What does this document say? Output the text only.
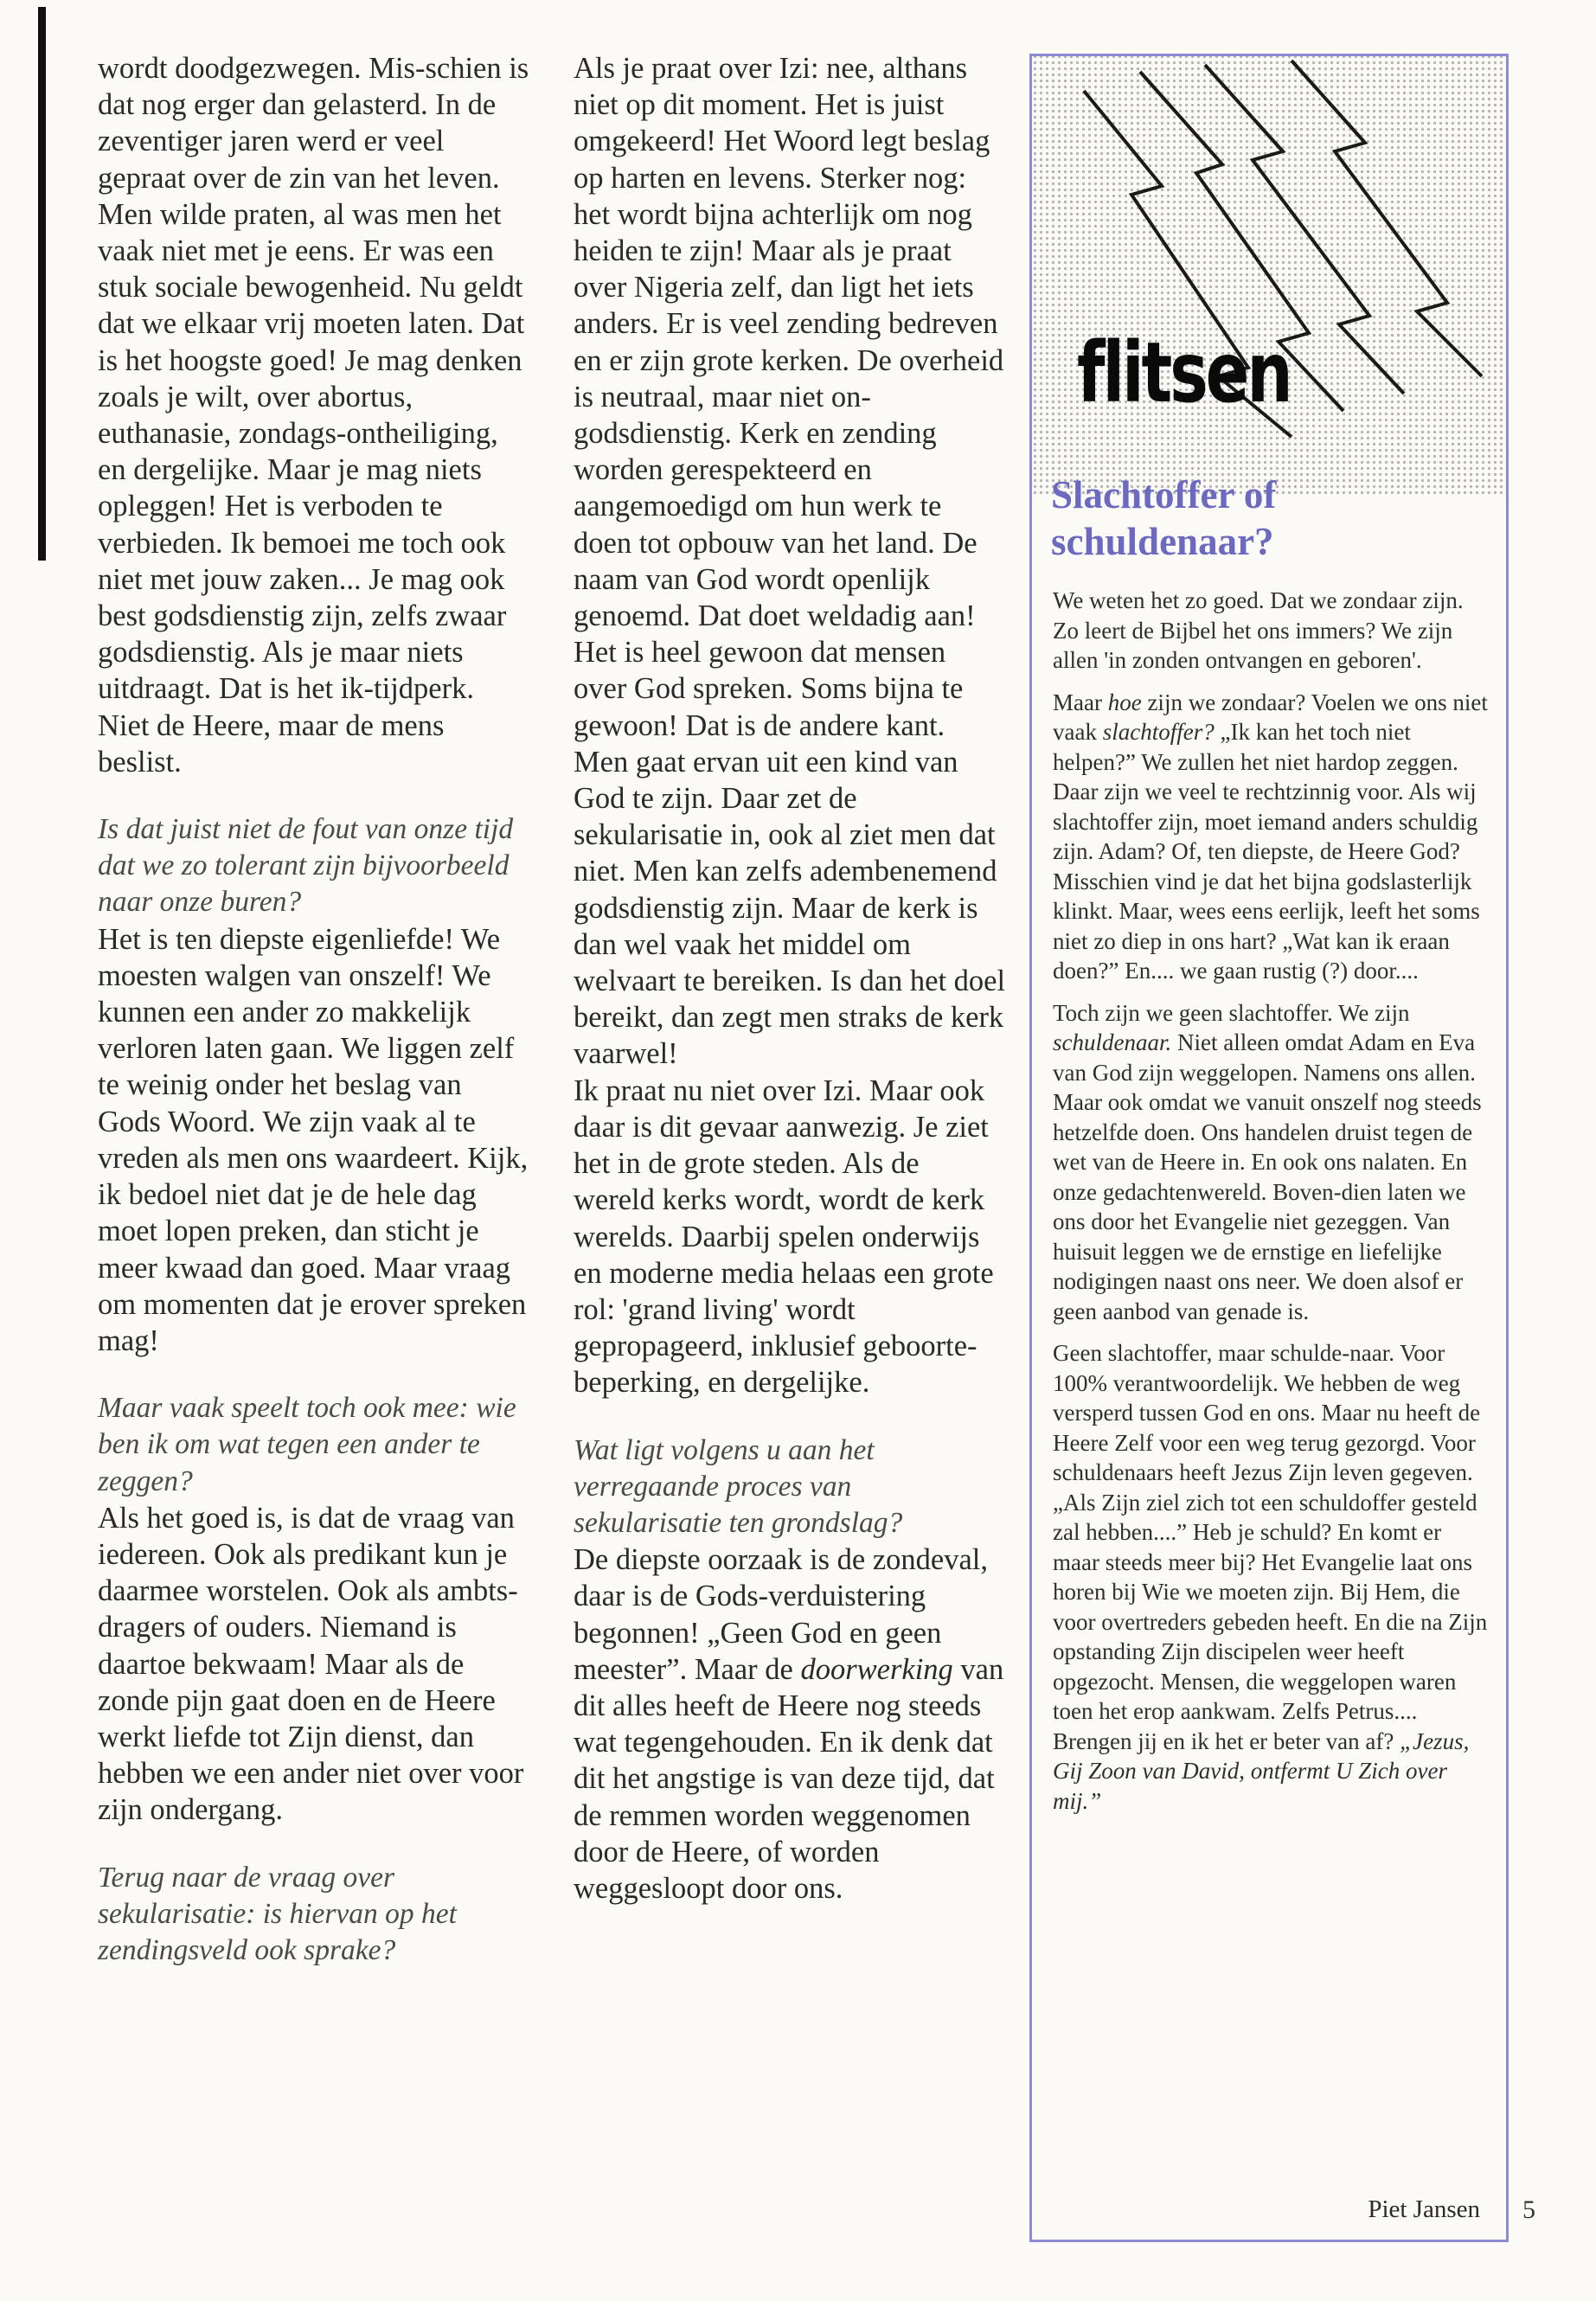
wordt doodgezwegen. Mis-schien is dat nog erger dan gelasterd. In de zeventiger jaren werd er veel gepraat over de zin van het leven. Men wilde praten, al was men het vaak niet met je eens. Er was een stuk sociale bewogenheid. Nu geldt dat we elkaar vrij moeten laten. Dat is het hoogste goed! Je mag denken zoals je wilt, over abortus, euthanasie, zondags-ontheiliging, en dergelijke. Maar je mag niets opleggen! Het is verboden te verbieden. Ik bemoei me toch ook niet met jouw zaken... Je mag ook best godsdienstig zijn, zelfs zwaar godsdienstig. Als je maar niets uitdraagt. Dat is het ik-tijdperk. Niet de Heere, maar de mens beslist.

Is dat juist niet de fout van onze tijd dat we zo tolerant zijn bijvoorbeeld naar onze buren?

Het is ten diepste eigenliefde! We moesten walgen van onszelf! We kunnen een ander zo makkelijk verloren laten gaan. We liggen zelf te weinig onder het beslag van Gods Woord. We zijn vaak al te vreden als men ons waardeert. Kijk, ik bedoel niet dat je de hele dag moet lopen preken, dan sticht je meer kwaad dan goed. Maar vraag om momenten dat je erover spreken mag!

Maar vaak speelt toch ook mee: wie ben ik om wat tegen een ander te zeggen?

Als het goed is, is dat de vraag van iedereen. Ook als predikant kun je daarmee worstelen. Ook als ambts-dragers of ouders. Niemand is daartoe bekwaam! Maar als de zonde pijn gaat doen en de Heere werkt liefde tot Zijn dienst, dan hebben we een ander niet over voor zijn ondergang.

Terug naar de vraag over sekularisatie: is hiervan op het zendingsveld ook sprake?

Als je praat over Izi: nee, althans niet op dit moment. Het is juist omgekeerd! Het Woord legt beslag op harten en levens. Sterker nog: het wordt bijna achterlijk om nog heiden te zijn! Maar als je praat over Nigeria zelf, dan ligt het iets anders. Er is veel zending bedreven en er zijn grote kerken. De overheid is neutraal, maar niet on-godsdienstig. Kerk en zending worden gerespekteerd en aangemoedigd om hun werk te doen tot opbouw van het land. De naam van God wordt openlijk genoemd. Dat doet weldadig aan! Het is heel gewoon dat mensen over God spreken. Soms bijna te gewoon! Dat is de andere kant.

Men gaat ervan uit een kind van God te zijn. Daar zet de sekularisatie in, ook al ziet men dat niet. Men kan zelfs adembenemend godsdienstig zijn. Maar de kerk is dan wel vaak het middel om welvaart te bereiken. Is dan het doel bereikt, dan zegt men straks de kerk vaarwel!

Ik praat nu niet over Izi. Maar ook daar is dit gevaar aanwezig. Je ziet het in de grote steden. Als de wereld kerks wordt, wordt de kerk werelds. Daarbij spelen onderwijs en moderne media helaas een grote rol: 'grand living' wordt gepropageerd, inklusief geboorte-beperking, en dergelijke.

Wat ligt volgens u aan het verregaande proces van sekularisatie ten grondslag?

De diepste oorzaak is de zondeval, daar is de Gods-verduistering begonnen! „Geen God en geen meester”. Maar de doorwerking van dit alles heeft de Heere nog steeds wat tegengehouden. En ik denk dat dit het angstige is van deze tijd, dat de remmen worden weggenomen door de Heere, of worden weggesloopt door ons.

flitsen
Slachtoffer of schuldenaar?

We weten het zo goed. Dat we zondaar zijn. Zo leert de Bijbel het ons immers? We zijn allen 'in zonden ontvangen en geboren'.

Maar hoe zijn we zondaar? Voelen we ons niet vaak slachtoffer? „Ik kan het toch niet helpen?” We zullen het niet hardop zeggen. Daar zijn we veel te rechtzinnig voor. Als wij slachtoffer zijn, moet iemand anders schuldig zijn. Adam? Of, ten diepste, de Heere God? Misschien vind je dat het bijna godslasterlijk klinkt. Maar, wees eens eerlijk, leeft het soms niet zo diep in ons hart? „Wat kan ik eraan doen?” En.... we gaan rustig (?) door....

Toch zijn we geen slachtoffer. We zijn schuldenaar. Niet alleen omdat Adam en Eva van God zijn weggelopen. Namens ons allen. Maar ook omdat we vanuit onszelf nog steeds hetzelfde doen. Ons handelen druist tegen de wet van de Heere in. En ook ons nalaten. En onze gedachtenwereld. Boven-dien laten we ons door het Evangelie niet gezeggen. Van huisuit leggen we de ernstige en liefelijke nodigingen naast ons neer. We doen alsof er geen aanbod van genade is.

Geen slachtoffer, maar schulde-naar. Voor 100% verantwoordelijk. We hebben de weg versperd tussen God en ons. Maar nu heeft de Heere Zelf voor een weg terug gezorgd. Voor schuldenaars heeft Jezus Zijn leven gegeven. „Als Zijn ziel zich tot een schuldoffer gesteld zal hebben....” Heb je schuld? En komt er maar steeds meer bij? Het Evangelie laat ons horen bij Wie we moeten zijn. Bij Hem, die voor overtreders gebeden heeft. En die na Zijn opstanding Zijn discipelen weer heeft opgezocht. Mensen, die weggelopen waren toen het erop aankwam. Zelfs Petrus.... Brengen jij en ik het er beter van af? „Jezus, Gij Zoon van David, ontfermt U Zich over mij.”

Piet Jansen 5
